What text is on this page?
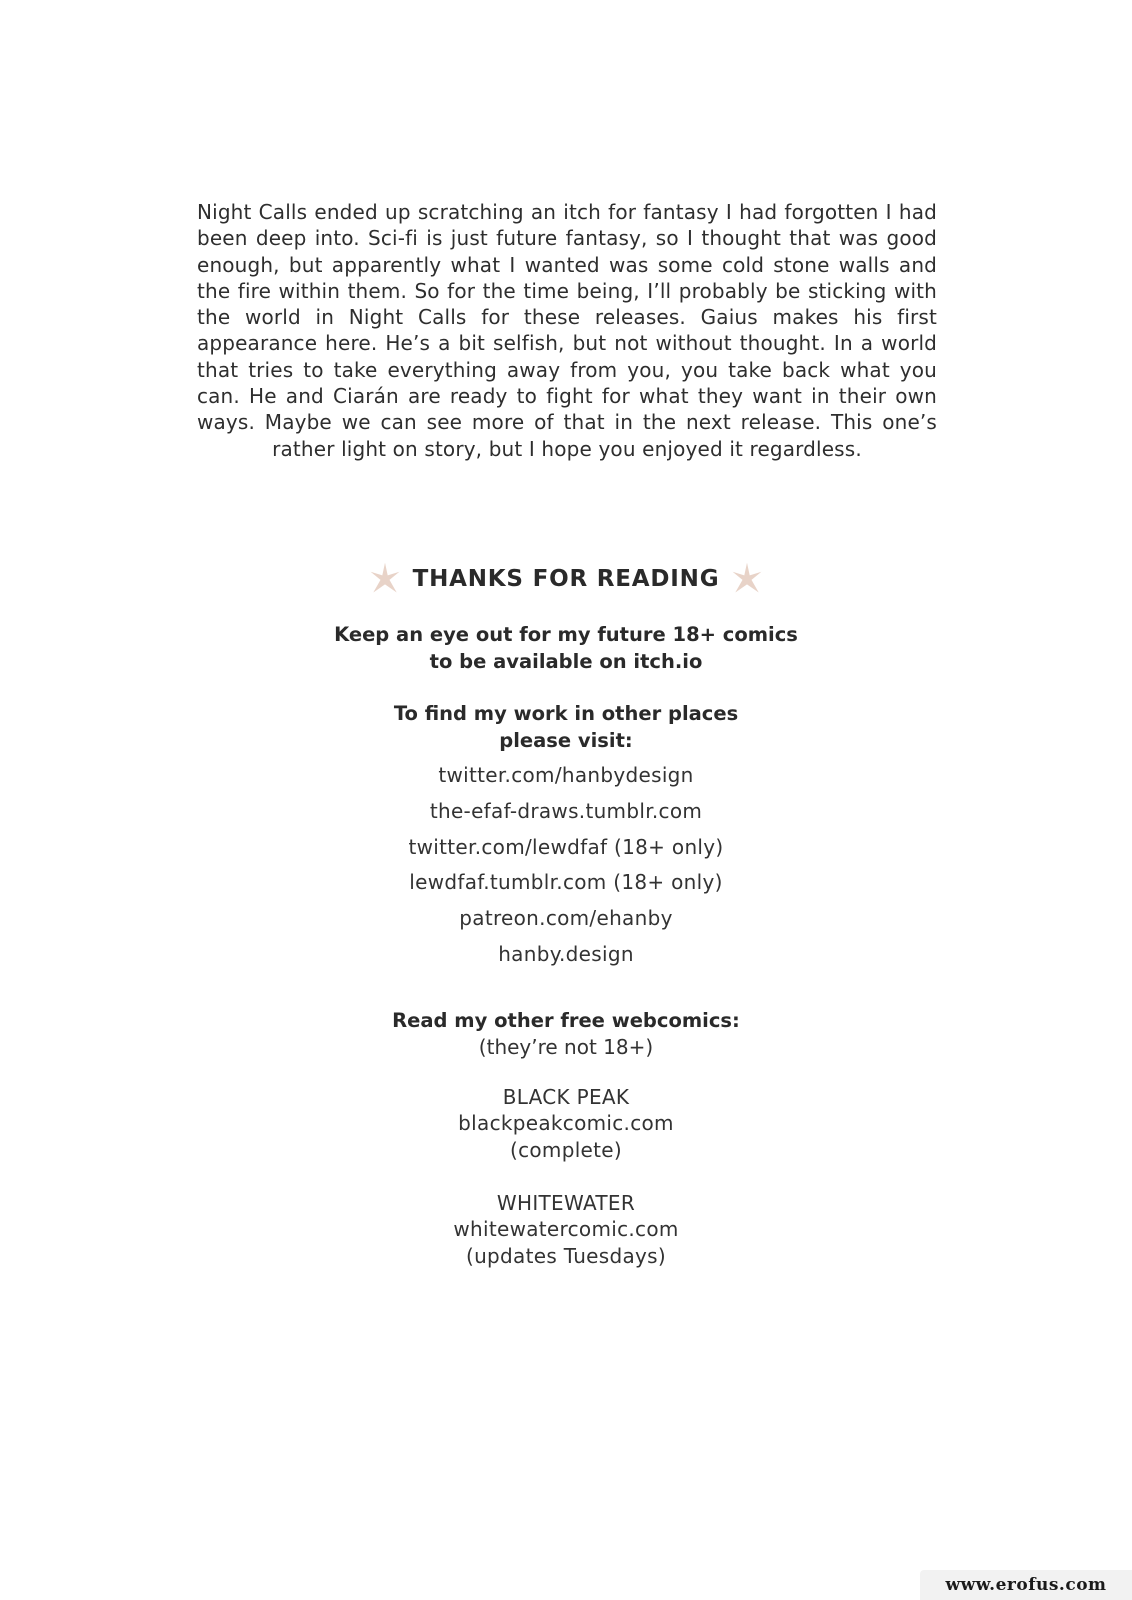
Night Calls ended up scratching an itch for fantasy I had forgotten I had been deep into. Sci-fi is just future fantasy, so I thought that was good enough, but apparently what I wanted was some cold stone walls and the fire within them. So for the time being, I’ll probably be sticking with the world in Night Calls for these releases. Gaius makes his first appearance here. He’s a bit selfish, but not without thought. In a world that tries to take everything away from you, you take back what you can. He and Ciarán are ready to fight for what they want in their own ways. Maybe we can see more of that in the next release. This one’s rather light on story, but I hope you enjoyed it regardless.

THANKS FOR READING
Keep an eye out for my future 18+ comics
to be available on itch.io
To find my work in other places
please visit:
twitter.com/hanbydesign
the-efaf-draws.tumblr.com
twitter.com/lewdfaf (18+ only)
lewdfaf.tumblr.com (18+ only)
patreon.com/ehanby
hanby.design
Read my other free webcomics:
(they’re not 18+)
BLACK PEAK
blackpeakcomic.com
(complete)
WHITEWATER
whitewatercomic.com
(updates Tuesdays)
www.erofus.com
